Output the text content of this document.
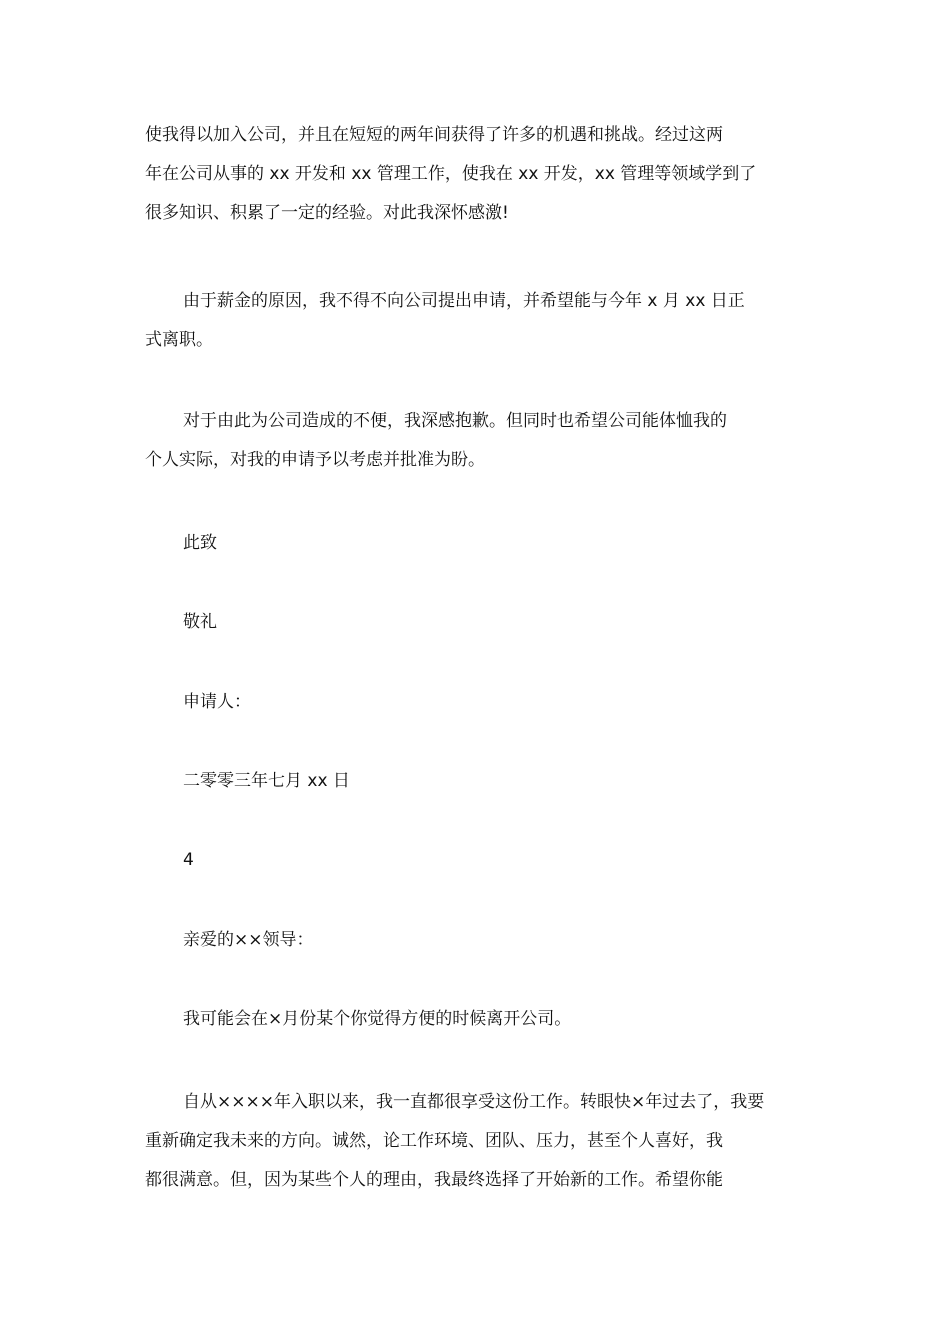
使我得以加入公司，并且在短短的两年间获得了许多的机遇和挑战。经过这两
年在公司从事的 xx 开发和 xx 管理工作，使我在 xx 开发，xx 管理等领域学到了
很多知识、积累了一定的经验。对此我深怀感激!
由于薪金的原因，我不得不向公司提出申请，并希望能与今年 x 月 xx 日正
式离职。
对于由此为公司造成的不便，我深感抱歉。但同时也希望公司能体恤我的
个人实际，对我的申请予以考虑并批准为盼。
此致
敬礼
申请人：
二零零三年七月 xx 日
4
亲爱的××领导：
我可能会在×月份某个你觉得方便的时候离开公司。
自从××××年入职以来，我一直都很享受这份工作。转眼快×年过去了，我要
重新确定我未来的方向。诚然，论工作环境、团队、压力，甚至个人喜好，我
都很满意。但，因为某些个人的理由，我最终选择了开始新的工作。希望你能
